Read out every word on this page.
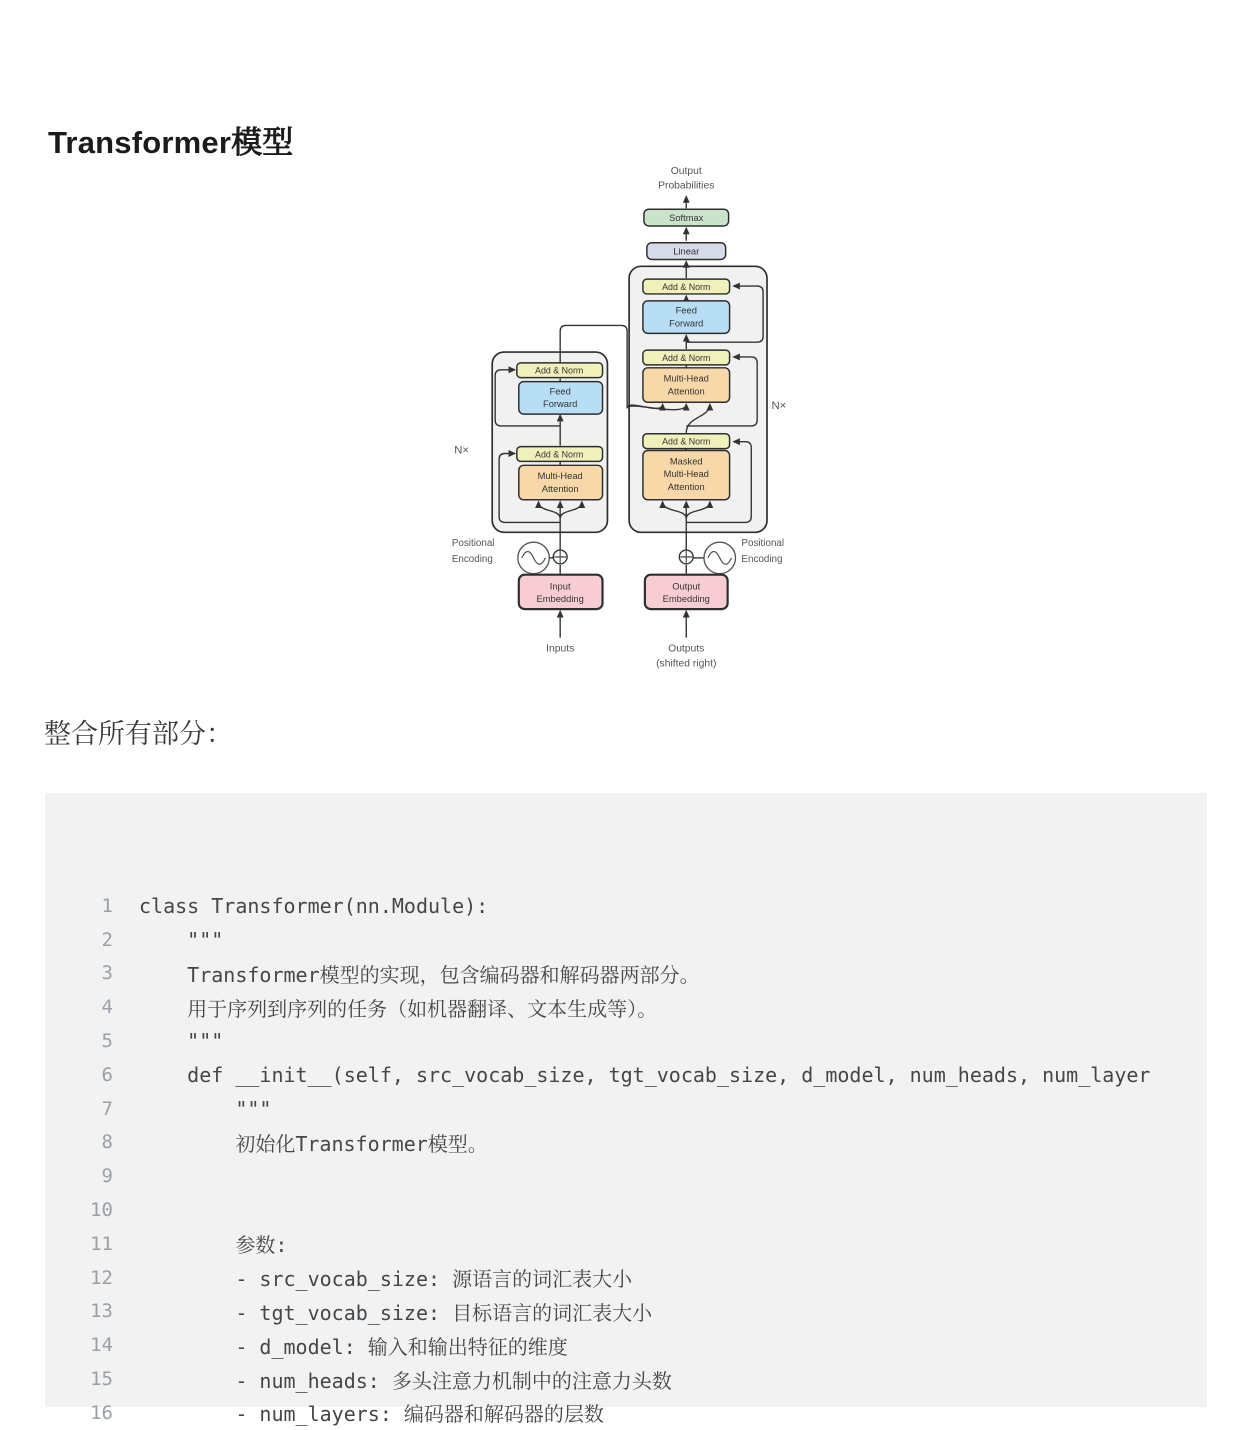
Transformer模型
Output
Probabilities
Softmax
Linear
Add & Norm
Feed
Forward
Add & Norm
Multi-Head
Attention
Add & Norm
Masked
Multi-Head
Attention
Add & Norm
Feed
Forward
Add & Norm
Multi-Head
Attention
N×
N×
Positional
Encoding
Positional
Encoding
Input
Embedding
Output
Embedding
Inputs	Outputs
(shifted right)
整合所有部分：
1 class Transformer(nn.Module):
2 """
3 Transformer模型的实现，包含编码器和解码器两部分。
4 用于序列到序列的任务（如机器翻译、文本生成等）。
5 """
6 def __init__(self, src_vocab_size, tgt_vocab_size, d_model, num_heads, num_layer
7 """
8 初始化Transformer模型。
9
10
11 参数:
12 - src_vocab_size: 源语言的词汇表大小
13 - tgt_vocab_size: 目标语言的词汇表大小
14 - d_model: 输入和输出特征的维度
15 - num_heads: 多头注意力机制中的注意力头数
16 - num_layers: 编码器和解码器的层数
